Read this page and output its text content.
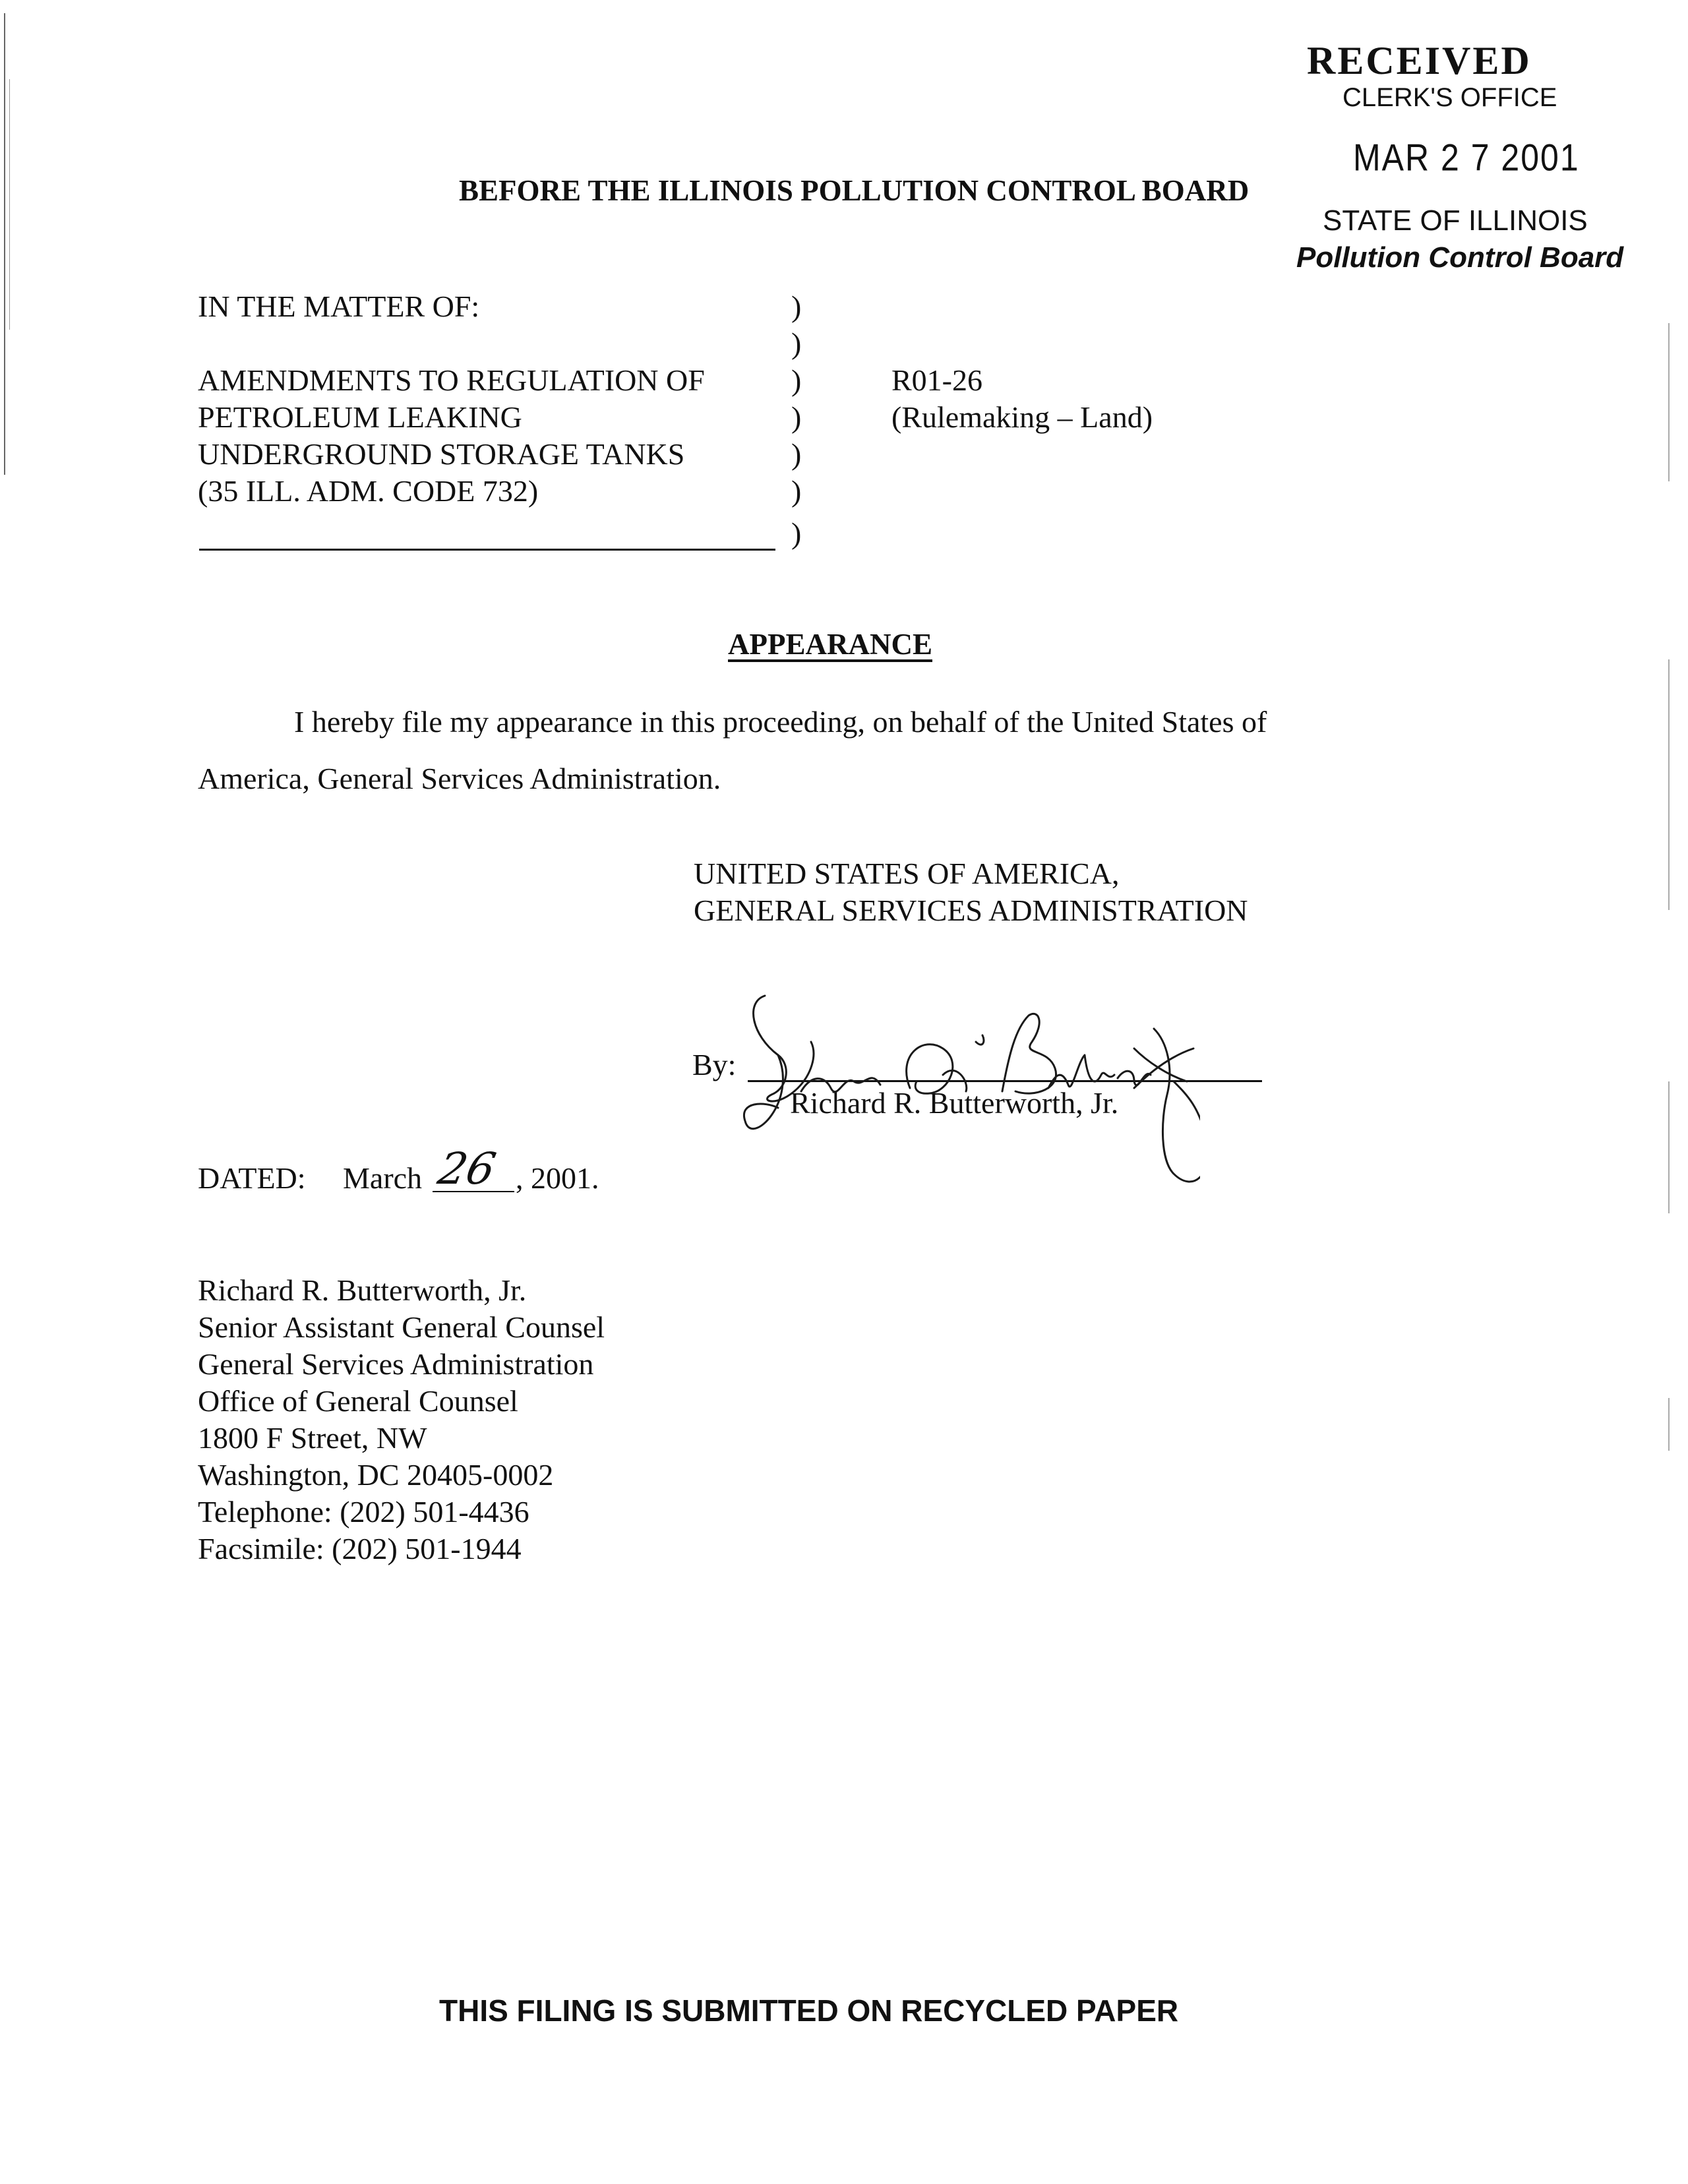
RECEIVED
CLERK'S OFFICE
MAR 2 7 2001
STATE OF ILLINOIS
Pollution Control Board
BEFORE THE ILLINOIS POLLUTION CONTROL BOARD
IN THE MATTER OF:
AMENDMENTS TO REGULATION OF
PETROLEUM LEAKING
UNDERGROUND STORAGE TANKS
(35 ILL. ADM. CODE 732)
)
)
)
)
)
)
)
R01-26
(Rulemaking – Land)
APPEARANCE
I hereby file my appearance in this proceeding, on behalf of the United States of
America, General Services Administration.
UNITED STATES OF AMERICA,
GENERAL SERVICES ADMINISTRATION
By:
Richard R. Butterworth, Jr.
DATED: March 26 , 2001.
Richard R. Butterworth, Jr.
Senior Assistant General Counsel
General Services Administration
Office of General Counsel
1800 F Street, NW
Washington, DC 20405-0002
Telephone: (202) 501-4436
Facsimile: (202) 501-1944
THIS FILING IS SUBMITTED ON RECYCLED PAPER
